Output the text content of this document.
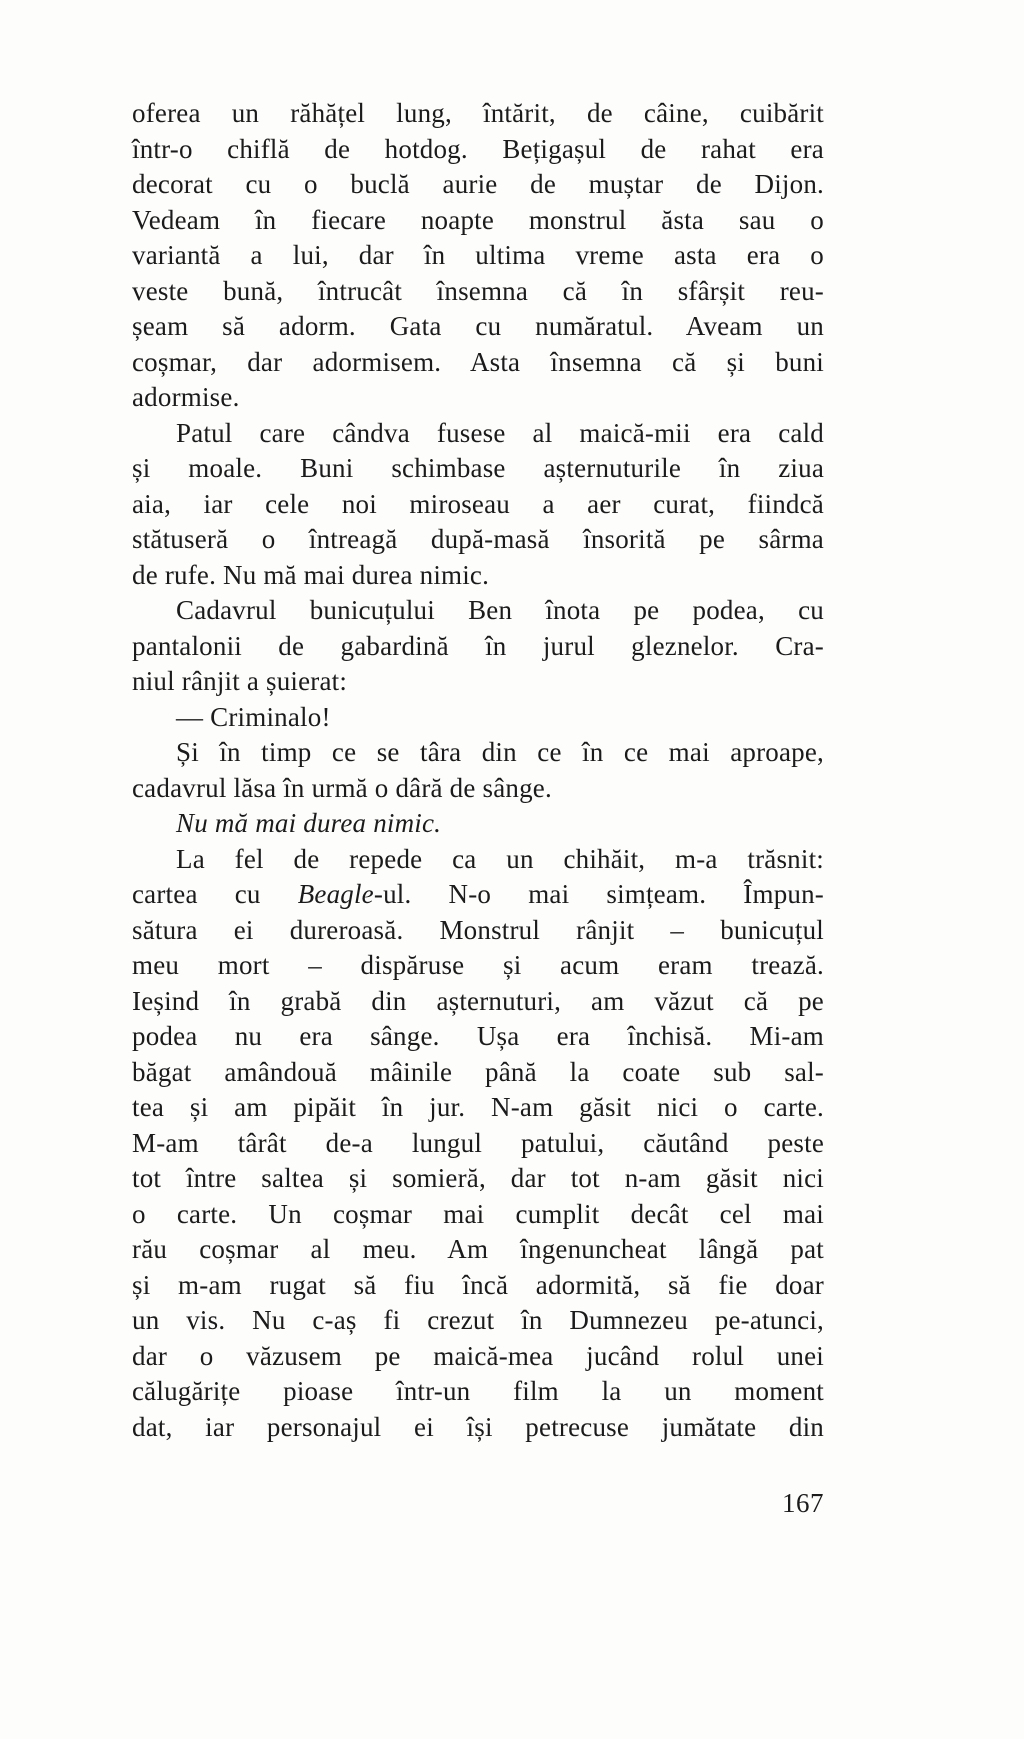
oferea un răhățel lung, întărit, de câine, cuibărit
într-o chiflă de hotdog. Bețigașul de rahat era
decorat cu o buclă aurie de muștar de Dijon.
Vedeam în fiecare noapte monstrul ăsta sau o
variantă a lui, dar în ultima vreme asta era o
veste bună, întrucât însemna că în sfârșit reu-
șeam să adorm. Gata cu număratul. Aveam un
coșmar, dar adormisem. Asta însemna că și buni
adormise.
Patul care cândva fusese al maică-mii era cald
și moale. Buni schimbase așternuturile în ziua
aia, iar cele noi miroseau a aer curat, fiindcă
stătuseră o întreagă după-masă însorită pe sârma
de rufe. Nu mă mai durea nimic.
Cadavrul bunicuțului Ben înota pe podea, cu
pantalonii de gabardină în jurul gleznelor. Cra-
niul rânjit a șuierat:
— Criminalo!
Și în timp ce se târa din ce în ce mai aproape,
cadavrul lăsa în urmă o dâră de sânge.
Nu mă mai durea nimic.
La fel de repede ca un chihăit, m-a trăsnit:
cartea cu Beagle-ul. N-o mai simțeam. Împun-
sătura ei dureroasă. Monstrul rânjit – bunicuțul
meu mort – dispăruse și acum eram trează.
Ieșind în grabă din așternuturi, am văzut că pe
podea nu era sânge. Ușa era închisă. Mi-am
băgat amândouă mâinile până la coate sub sal-
tea și am pipăit în jur. N-am găsit nici o carte.
M-am târât de-a lungul patului, căutând peste
tot între saltea și somieră, dar tot n-am găsit nici
o carte. Un coșmar mai cumplit decât cel mai
rău coșmar al meu. Am îngenuncheat lângă pat
și m-am rugat să fiu încă adormită, să fie doar
un vis. Nu c-aș fi crezut în Dumnezeu pe-atunci,
dar o văzusem pe maică-mea jucând rolul unei
călugărițe pioase într-un film la un moment
dat, iar personajul ei își petrecuse jumătate din
167
